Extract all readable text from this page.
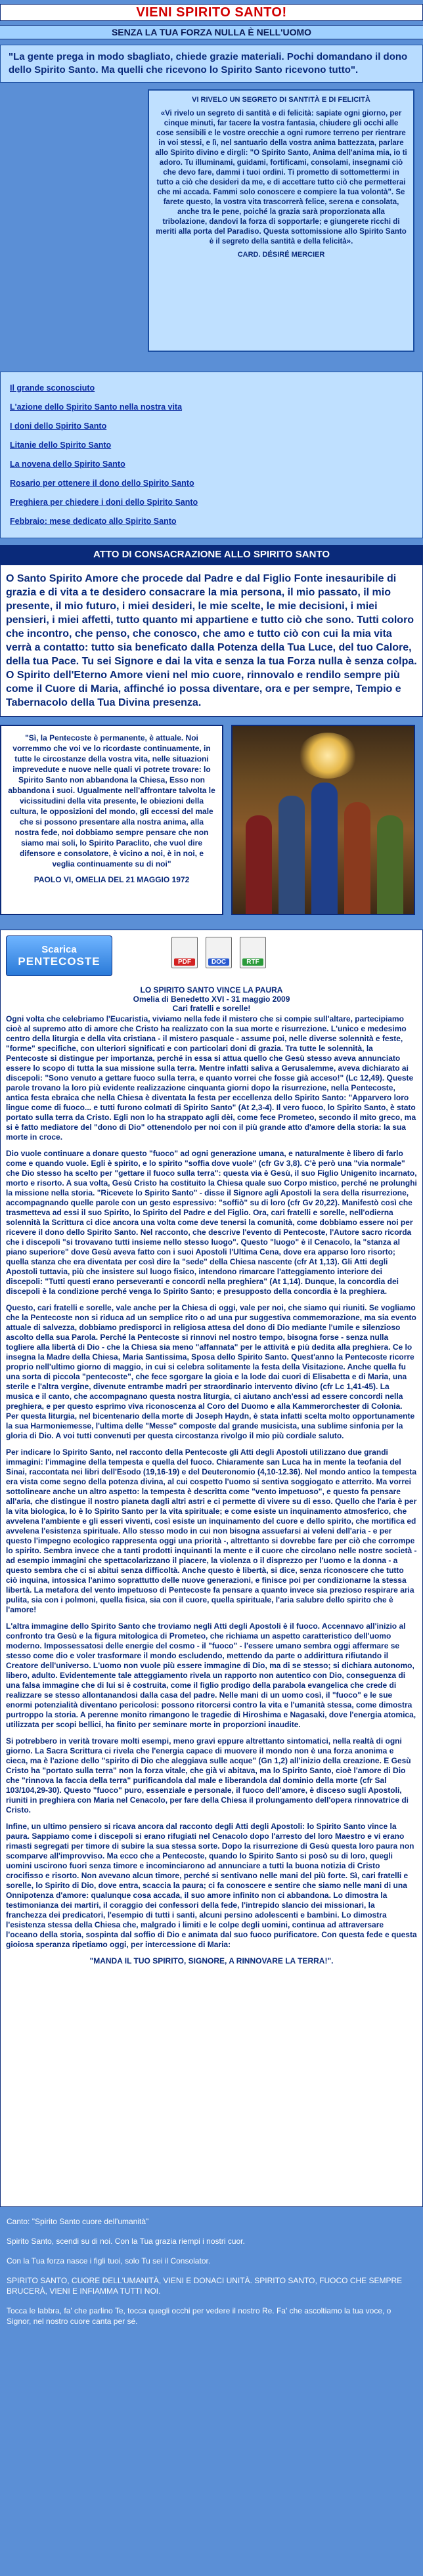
VIENI SPIRITO SANTO!
SENZA LA TUA FORZA NULLA È NELL'UOMO
"La gente prega in modo sbagliato, chiede grazie materiali. Pochi domandano il dono dello Spirito Santo. Ma quelli che ricevono lo Spirito Santo ricevono tutto".
VI RIVELO UN SEGRETO DI SANTITÀ E DI FELICITÀ
«Vi rivelo un segreto di santità e di felicità: sapiate ogni giorno, per cinque minuti, far tacere la vostra fantasia, chiudere gli occhi alle cose sensibili e le vostre orecchie a ogni rumore terreno per rientrare in voi stessi, e lì, nel santuario della vostra anima battezzata, parlare allo Spirito divino e dirgli: "O Spirito Santo, Anima dell'anima mia, io ti adoro. Tu illuminami, guidami, fortificami, consolami, insegnami ciò che devo fare, dammi i tuoi ordini. Ti prometto di sottomettermi in tutto a ciò che desideri da me, e di accettare tutto ciò che permetterai che mi accada. Fammi solo conoscere e compiere la tua volontà". Se farete questo, la vostra vita trascorrerà felice, serena e consolata, anche tra le pene, poiché la grazia sarà proporzionata alla tribolazione, dandovi la forza di sopportarle; e giungerete ricchi di meriti alla porta del Paradiso. Questa sottomissione allo Spirito Santo è il segreto della santità e della felicità».
CARD. DÉSIRÉ MERCIER
Il grande sconosciuto
L'azione dello Spirito Santo nella nostra vita
I doni dello Spirito Santo
Litanie dello Spirito Santo
La novena dello Spirito Santo
Rosario per ottenere il dono dello Spirito Santo
Preghiera per chiedere i doni dello Spirito Santo
Febbraio: mese dedicato allo Spirito Santo
ATTO DI CONSACRAZIONE ALLO SPIRITO SANTO
O Santo Spirito Amore che procede dal Padre e dal Figlio Fonte inesauribile di grazia e di vita a te desidero consacrare la mia persona, il mio passato, il mio presente, il mio futuro, i miei desideri, le mie scelte, le mie decisioni, i miei pensieri, i miei affetti, tutto quanto mi appartiene e tutto ciò che sono. Tutti coloro che incontro, che penso, che conosco, che amo e tutto ciò con cui la mia vita verrà a contatto: tutto sia beneficato dalla Potenza della Tua Luce, del tuo Calore, della tua Pace. Tu sei Signore e dai la vita e senza la tua Forza nulla è senza colpa. O Spirito dell'Eterno Amore vieni nel mio cuore, rinnovalo e rendilo sempre più come il Cuore di Maria, affinché io possa diventare, ora e per sempre, Tempio e Tabernacolo della Tua Divina presenza.
"Sì, la Pentecoste è permanente, è attuale. Noi vorremmo che voi ve lo ricordaste continuamente, in tutte le circostanze della vostra vita, nelle situazioni imprevedute e nuove nelle quali vi potrete trovare: lo Spirito Santo non abbandona la Chiesa, Esso non abbandona i suoi. Ugualmente nell'affrontare talvolta le vicissitudini della vita presente, le obiezioni della cultura, le opposizioni del mondo, gli eccessi del male che si possono presentare alla nostra anima, alla nostra fede, noi dobbiamo sempre pensare che non siamo mai soli, lo Spirito Paraclito, che vuol dire difensore e consolatore, è vicino a noi, è in noi, e veglia continuamente su di noi"
PAOLO VI, OMELIA DEL 21 MAGGIO 1972
Scarica
PENTECOSTE	PDF	DOC	RTF
LO SPIRITO SANTO VINCE LA PAURA
Omelia di Benedetto XVI - 31 maggio 2009
Cari fratelli e sorelle!

Ogni volta che celebriamo l'Eucaristia, viviamo nella fede il mistero che si compie sull'altare, partecipiamo cioè al supremo atto di amore che Cristo ha realizzato con la sua morte e risurrezione. L'unico e medesimo centro della liturgia e della vita cristiana - il mistero pasquale - assume poi, nelle diverse solennità e feste, "forme" specifiche, con ulteriori significati e con particolari doni di grazia. Tra tutte le solennità, la Pentecoste si distingue per importanza, perché in essa si attua quello che Gesù stesso aveva annunciato essere lo scopo di tutta la sua missione sulla terra. Mentre infatti saliva a Gerusalemme, aveva dichiarato ai discepoli: "Sono venuto a gettare fuoco sulla terra, e quanto vorrei che fosse già acceso!" (Lc 12,49). Queste parole trovano la loro più evidente realizzazione cinquanta giorni dopo la risurrezione, nella Pentecoste, antica festa ebraica che nella Chiesa è diventata la festa per eccellenza dello Spirito Santo: "Apparvero loro lingue come di fuoco... e tutti furono colmati di Spirito Santo" (At 2,3-4). Il vero fuoco, lo Spirito Santo, è stato portato sulla terra da Cristo. Egli non lo ha strappato agli dèi, come fece Prometeo, secondo il mito greco, ma si è fatto mediatore del "dono di Dio" ottenendolo per noi con il più grande atto d'amore della storia: la sua morte in croce.

Dio vuole continuare a donare questo "fuoco" ad ogni generazione umana, e naturalmente è libero di farlo come e quando vuole. Egli è spirito, e lo spirito "soffia dove vuole" (cfr Gv 3,8). C'è però una "via normale" che Dio stesso ha scelto per "gettare il fuoco sulla terra": questa via è Gesù, il suo Figlio Unigenito incarnato, morto e risorto. A sua volta, Gesù Cristo ha costituito la Chiesa quale suo Corpo mistico, perché ne prolunghi la missione nella storia. "Ricevete lo Spirito Santo" - disse il Signore agli Apostoli la sera della risurrezione, accompagnando quelle parole con un gesto espressivo: "soffiò" su di loro (cfr Gv 20,22). Manifestò così che trasmetteva ad essi il suo Spirito, lo Spirito del Padre e del Figlio. Ora, cari fratelli e sorelle, nell'odierna solennità la Scrittura ci dice ancora una volta come deve tenersi la comunità, come dobbiamo essere noi per ricevere il dono dello Spirito Santo. Nel racconto, che descrive l'evento di Pentecoste, l'Autore sacro ricorda che i discepoli "si trovavano tutti insieme nello stesso luogo". Questo "luogo" è il Cenacolo, la "stanza al piano superiore" dove Gesù aveva fatto con i suoi Apostoli l'Ultima Cena, dove era apparso loro risorto; quella stanza che era diventata per così dire la "sede" della Chiesa nascente (cfr At 1,13). Gli Atti degli Apostoli tuttavia, più che insistere sul luogo fisico, intendono rimarcare l'atteggiamento interiore dei discepoli: "Tutti questi erano perseveranti e concordi nella preghiera" (At 1,14). Dunque, la concordia dei discepoli è la condizione perché venga lo Spirito Santo; e presupposto della concordia è la preghiera.

Questo, cari fratelli e sorelle, vale anche per la Chiesa di oggi, vale per noi, che siamo qui riuniti. Se vogliamo che la Pentecoste non si riduca ad un semplice rito o ad una pur suggestiva commemorazione, ma sia evento attuale di salvezza, dobbiamo predisporci in religiosa attesa del dono di Dio mediante l'umile e silenzioso ascolto della sua Parola. Perché la Pentecoste si rinnovi nel nostro tempo, bisogna forse - senza nulla togliere alla libertà di Dio - che la Chiesa sia meno "affannata" per le attività e più dedita alla preghiera. Ce lo insegna la Madre della Chiesa, Maria Santissima, Sposa dello Spirito Santo. Quest'anno la Pentecoste ricorre proprio nell'ultimo giorno di maggio, in cui si celebra solitamente la festa della Visitazione. Anche quella fu una sorta di piccola "pentecoste", che fece sgorgare la gioia e la lode dai cuori di Elisabetta e di Maria, una sterile e l'altra vergine, divenute entrambe madri per straordinario intervento divino (cfr Lc 1,41-45). La musica e il canto, che accompagnano questa nostra liturgia, ci aiutano anch'essi ad essere concordi nella preghiera, e per questo esprimo viva riconoscenza al Coro del Duomo e alla Kammerorchester di Colonia. Per questa liturgia, nel bicentenario della morte di Joseph Haydn, è stata infatti scelta molto opportunamente la sua Harmoniemesse, l'ultima delle "Messe" composte dal grande musicista, una sublime sinfonia per la gloria di Dio. A voi tutti convenuti per questa circostanza rivolgo il mio più cordiale saluto.

Per indicare lo Spirito Santo, nel racconto della Pentecoste gli Atti degli Apostoli utilizzano due grandi immagini: l'immagine della tempesta e quella del fuoco. Chiaramente san Luca ha in mente la teofania del Sinai, raccontata nei libri dell'Esodo (19,16-19) e del Deuteronomio (4,10-12.36). Nel mondo antico la tempesta era vista come segno della potenza divina, al cui cospetto l'uomo si sentiva soggiogato e atterrito. Ma vorrei sottolineare anche un altro aspetto: la tempesta è descritta come "vento impetuoso", e questo fa pensare all'aria, che distingue il nostro pianeta dagli altri astri e ci permette di vivere su di esso. Quello che l'aria è per la vita biologica, lo è lo Spirito Santo per la vita spirituale; e come esiste un inquinamento atmosferico, che avvelena l'ambiente e gli esseri viventi, così esiste un inquinamento del cuore e dello spirito, che mortifica ed avvelena l'esistenza spirituale. Allo stesso modo in cui non bisogna assuefarsi ai veleni dell'aria - e per questo l'impegno ecologico rappresenta oggi una priorità -, altrettanto si dovrebbe fare per ciò che corrompe lo spirito. Sembra invece che a tanti prodotti inquinanti la mente e il cuore che circolano nelle nostre società - ad esempio immagini che spettacolarizzano il piacere, la violenza o il disprezzo per l'uomo e la donna - a questo sembra che ci si abitui senza difficoltà. Anche questo è libertà, si dice, senza riconoscere che tutto ciò inquina, intossica l'animo soprattutto delle nuove generazioni, e finisce poi per condizionarne la stessa libertà. La metafora del vento impetuoso di Pentecoste fa pensare a quanto invece sia prezioso respirare aria pulita, sia con i polmoni, quella fisica, sia con il cuore, quella spirituale, l'aria salubre dello spirito che è l'amore!

L'altra immagine dello Spirito Santo che troviamo negli Atti degli Apostoli è il fuoco. Accennavo all'inizio al confronto tra Gesù e la figura mitologica di Prometeo, che richiama un aspetto caratteristico dell'uomo moderno. Impossessatosi delle energie del cosmo - il "fuoco" - l'essere umano sembra oggi affermare se stesso come dio e voler trasformare il mondo escludendo, mettendo da parte o addirittura rifiutando il Creatore dell'universo. L'uomo non vuole più essere immagine di Dio, ma di se stesso; si dichiara autonomo, libero, adulto. Evidentemente tale atteggiamento rivela un rapporto non autentico con Dio, conseguenza di una falsa immagine che di lui si è costruita, come il figlio prodigo della parabola evangelica che crede di realizzare se stesso allontanandosi dalla casa del padre. Nelle mani di un uomo così, il "fuoco" e le sue enormi potenzialità diventano pericolosi: possono ritorcersi contro la vita e l'umanità stessa, come dimostra purtroppo la storia. A perenne monito rimangono le tragedie di Hiroshima e Nagasaki, dove l'energia atomica, utilizzata per scopi bellici, ha finito per seminare morte in proporzioni inaudite.

Si potrebbero in verità trovare molti esempi, meno gravi eppure altrettanto sintomatici, nella realtà di ogni giorno. La Sacra Scrittura ci rivela che l'energia capace di muovere il mondo non è una forza anonima e cieca, ma è l'azione dello "spirito di Dio che aleggiava sulle acque" (Gn 1,2) all'inizio della creazione. E Gesù Cristo ha "portato sulla terra" non la forza vitale, che già vi abitava, ma lo Spirito Santo, cioè l'amore di Dio che "rinnova la faccia della terra" purificandola dal male e liberandola dal dominio della morte (cfr Sal 103/104,29-30). Questo "fuoco" puro, essenziale e personale, il fuoco dell'amore, è disceso sugli Apostoli, riuniti in preghiera con Maria nel Cenacolo, per fare della Chiesa il prolungamento dell'opera rinnovatrice di Cristo.

Infine, un ultimo pensiero si ricava ancora dal racconto degli Atti degli Apostoli: lo Spirito Santo vince la paura. Sappiamo come i discepoli si erano rifugiati nel Cenacolo dopo l'arresto del loro Maestro e vi erano rimasti segregati per timore di subire la sua stessa sorte. Dopo la risurrezione di Gesù questa loro paura non scomparve all'improvviso. Ma ecco che a Pentecoste, quando lo Spirito Santo si posò su di loro, quegli uomini uscirono fuori senza timore e incominciarono ad annunciare a tutti la buona notizia di Cristo crocifisso e risorto. Non avevano alcun timore, perché si sentivano nelle mani del più forte. Sì, cari fratelli e sorelle, lo Spirito di Dio, dove entra, scaccia la paura; ci fa conoscere e sentire che siamo nelle mani di una Onnipotenza d'amore: qualunque cosa accada, il suo amore infinito non ci abbandona. Lo dimostra la testimonianza dei martiri, il coraggio dei confessori della fede, l'intrepido slancio dei missionari, la franchezza dei predicatori, l'esempio di tutti i santi, alcuni persino adolescenti e bambini. Lo dimostra l'esistenza stessa della Chiesa che, malgrado i limiti e le colpe degli uomini, continua ad attraversare l'oceano della storia, sospinta dal soffio di Dio e animata dal suo fuoco purificatore. Con questa fede e questa gioiosa speranza ripetiamo oggi, per intercessione di Maria:

"MANDA IL TUO SPIRITO, SIGNORE, A RINNOVARE LA TERRA!".

Canto: "Spirito Santo cuore dell'umanità"

Spirito Santo, scendi su di noi. Con la Tua grazia riempi i nostri cuor.

Con la Tua forza nasce i figli tuoi, solo Tu sei il Consolator.

SPIRITO SANTO, CUORE DELL'UMANITÀ, VIENI E DONACI UNITÀ. SPIRITO SANTO, FUOCO CHE SEMPRE BRUCERÀ, VIENI E INFIAMMA TUTTI NOI.

Tocca le labbra, fa' che parlino Te, tocca quegli occhi per vedere il nostro Re. Fa' che ascoltiamo la tua voce, o Signor, nel nostro cuore canta per sé.
